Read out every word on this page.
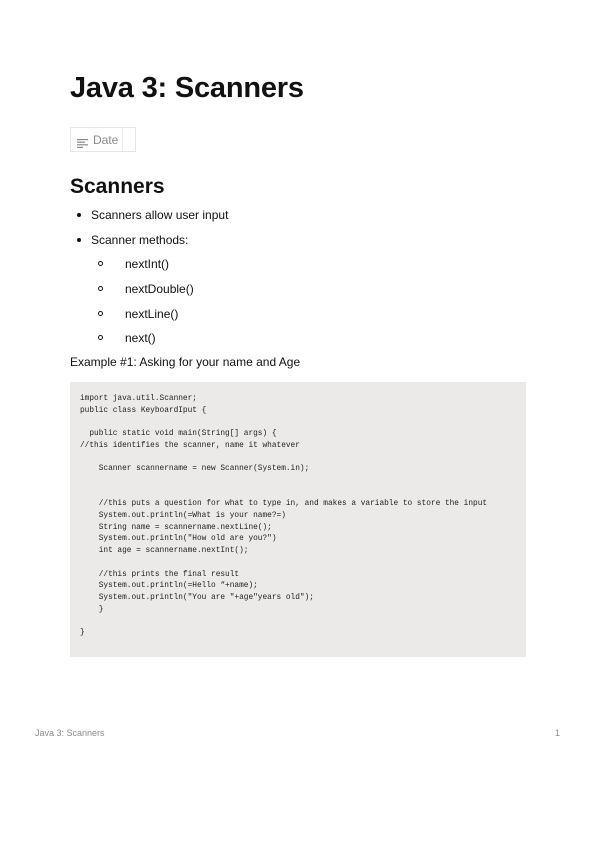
Java 3: Scanners
Date
Scanners
Scanners allow user input
Scanner methods:
nextInt()
nextDouble()
nextLine()
next()

Example #1: Asking for your name and Age

import java.util.Scanner;
public class KeyboardIput {

public static void main(String[] args) {
//this identifies the scanner, name it whatever

Scanner scannername = new Scanner(System.in);

//this puts a question for what to type in, and makes a variable to store the input
System.out.println(=What is your name?=)
String name = scannername.nextLine();
System.out.println("How old are you?")
int age = scannername.nextInt();

//this prints the final result
System.out.println(=Hello “+name);
System.out.println("You are "+age"years old");
}

}
Java 3: Scanners	1
